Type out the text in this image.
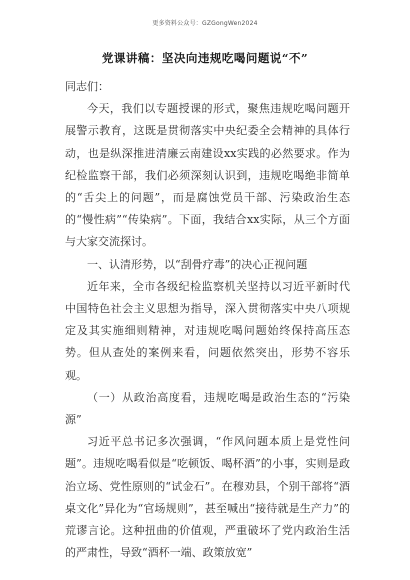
更多资料公众号：GZGongWen2024
党课讲稿：坚决向违规吃喝问题说“不”

同志们：

今天，我们以专题授课的形式，聚焦违规吃喝问题开展警示教育，这既是贯彻落实中央纪委全会精神的具体行动，也是纵深推进清廉云南建设xx实践的必然要求。作为纪检监察干部，我们必须深刻认识到，违规吃喝绝非简单的“舌尖上的问题”，而是腐蚀党员干部、污染政治生态的“慢性病”“传染病”。下面，我结合xx实际，从三个方面与大家交流探讨。

一、认清形势，以“刮骨疗毒”的决心正视问题

近年来，全市各级纪检监察机关坚持以习近平新时代中国特色社会主义思想为指导，深入贯彻落实中央八项规定及其实施细则精神，对违规吃喝问题始终保持高压态势。但从查处的案例来看，问题依然突出，形势不容乐观。

（一）从政治高度看，违规吃喝是政治生态的“污染源”

习近平总书记多次强调，“作风问题本质上是党性问题”。违规吃喝看似是“吃顿饭、喝杯酒”的小事，实则是政治立场、党性原则的“试金石”。在穆劝县，个别干部将“酒桌文化”异化为“官场规则”，甚至喊出“接待就是生产力”的荒谬言论。这种扭曲的价值观，严重破坏了党内政治生活的严肃性，导致“酒杯一端、政策放宽”
